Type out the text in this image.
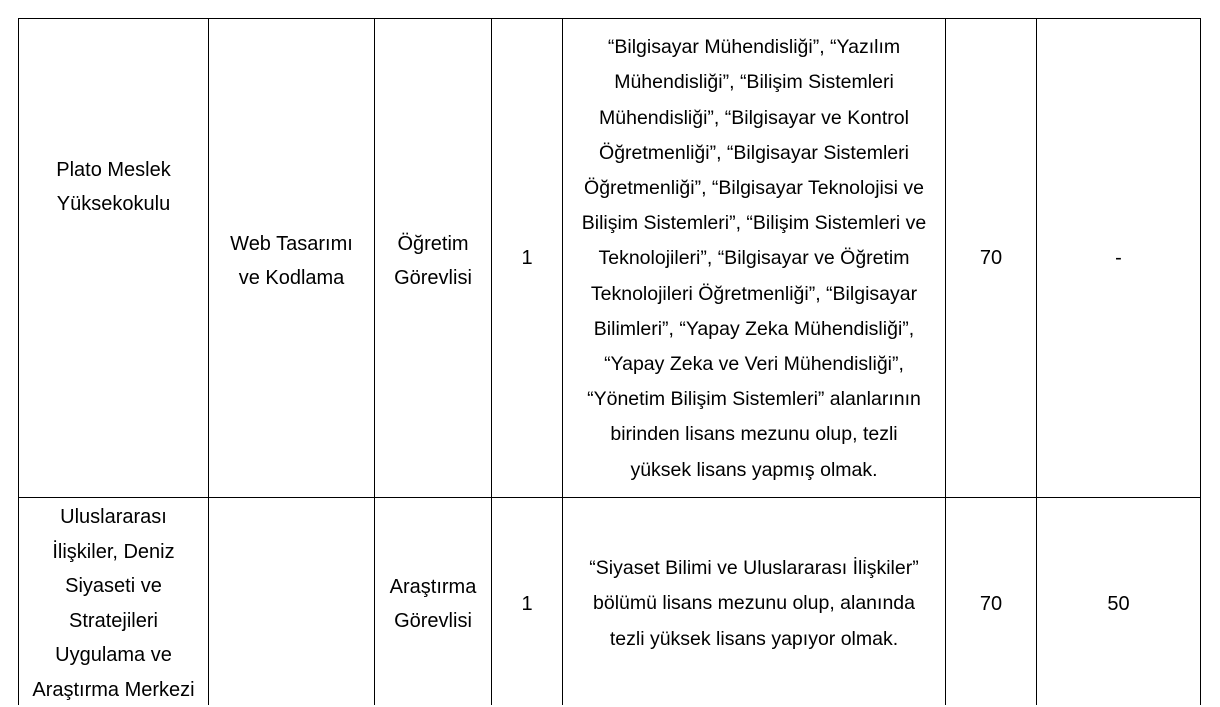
Plato Meslek
Yüksekokulu
Web Tasarımı
ve Kodlama
Öğretim
Görevlisi
1
“Bilgisayar Mühendisliği”, “Yazılım
Mühendisliği”, “Bilişim Sistemleri
Mühendisliği”, “Bilgisayar ve Kontrol
Öğretmenliği”, “Bilgisayar Sistemleri
Öğretmenliği”, “Bilgisayar Teknolojisi ve
Bilişim Sistemleri”, “Bilişim Sistemleri ve
Teknolojileri”, “Bilgisayar ve Öğretim
Teknolojileri Öğretmenliği”, “Bilgisayar
Bilimleri”, “Yapay Zeka Mühendisliği”,
“Yapay Zeka ve Veri Mühendisliği”,
“Yönetim Bilişim Sistemleri” alanlarının
birinden lisans mezunu olup, tezli
yüksek lisans yapmış olmak.
70	-
Uluslararası
İlişkiler, Deniz
Siyaseti ve
Stratejileri
Uygulama ve
Araştırma Merkezi
Araştırma
Görevlisi
1
“Siyaset Bilimi ve Uluslararası İlişkiler”
bölümü lisans mezunu olup, alanında
tezli yüksek lisans yapıyor olmak.
70	50
